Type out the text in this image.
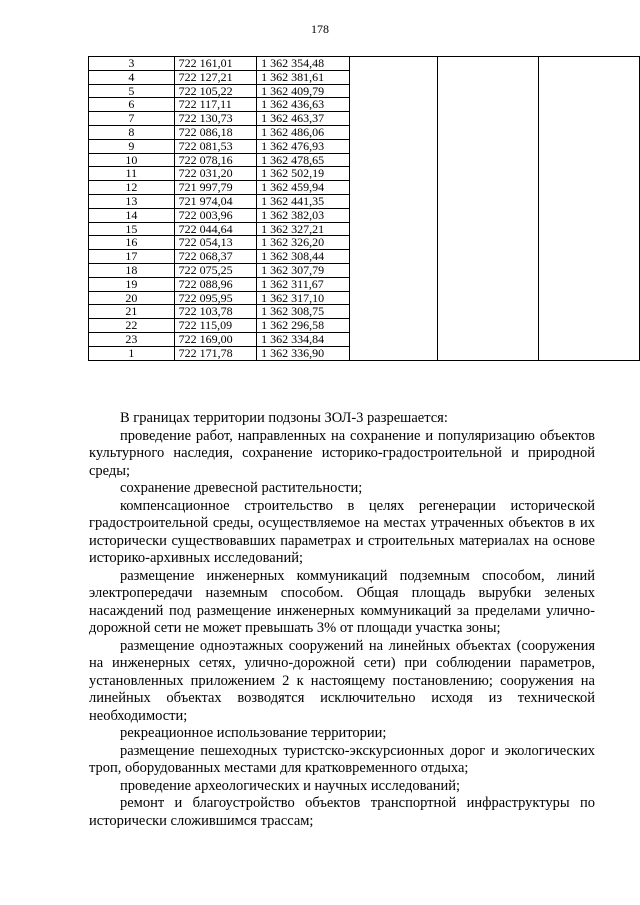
178
3	722 161,01	1 362 354,48			
4	722 127,21	1 362 381,61			
5	722 105,22	1 362 409,79			
6	722 117,11	1 362 436,63			
7	722 130,73	1 362 463,37			
8	722 086,18	1 362 486,06			
9	722 081,53	1 362 476,93			
10	722 078,16	1 362 478,65			
11	722 031,20	1 362 502,19			
12	721 997,79	1 362 459,94			
13	721 974,04	1 362 441,35			
14	722 003,96	1 362 382,03			
15	722 044,64	1 362 327,21			
16	722 054,13	1 362 326,20			
17	722 068,37	1 362 308,44			
18	722 075,25	1 362 307,79			
19	722 088,96	1 362 311,67			
20	722 095,95	1 362 317,10			
21	722 103,78	1 362 308,75			
22	722 115,09	1 362 296,58			
23	722 169,00	1 362 334,84			
1	722 171,78	1 362 336,90			

В границах территории подзоны ЗОЛ-3 разрешается:

проведение работ, направленных на сохранение и популяризацию объектов культурного наследия, сохранение историко-градостроительной и природной среды;

сохранение древесной растительности;

компенсационное строительство в целях регенерации исторической градостроительной среды, осуществляемое на местах утраченных объектов в их исторически существовавших параметрах и строительных материалах на основе историко-архивных исследований;

размещение инженерных коммуникаций подземным способом, линий электропередачи наземным способом. Общая площадь вырубки зеленых насаждений под размещение инженерных коммуникаций за пределами улично-дорожной сети не может превышать 3% от площади участка зоны;

размещение одноэтажных сооружений на линейных объектах (сооружения на инженерных сетях, улично-дорожной сети) при соблюдении параметров, установленных приложением 2 к настоящему постановлению; сооружения на линейных объектах возводятся исключительно исходя из технической необходимости;

рекреационное использование территории;

размещение пешеходных туристско-экскурсионных дорог и экологических троп, оборудованных местами для кратковременного отдыха;

проведение археологических и научных исследований;

ремонт и благоустройство объектов транспортной инфраструктуры по исторически сложившимся трассам;
